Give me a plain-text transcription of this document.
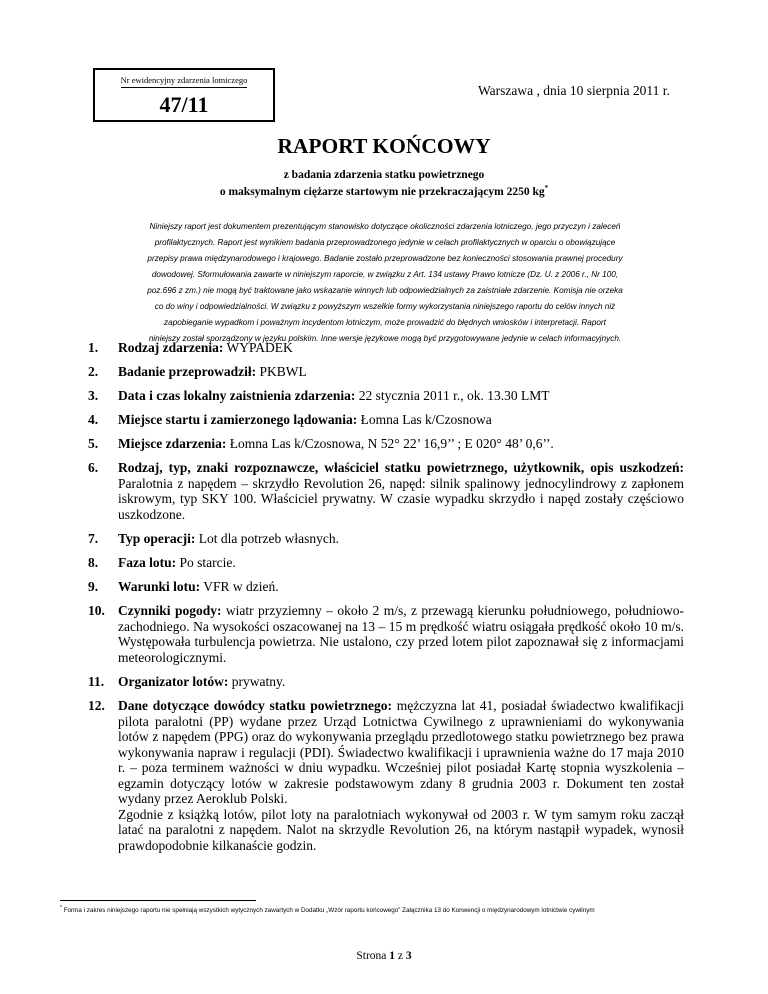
Nr ewidencyjny zdarzenia lotniczego
47/11
Warszawa , dnia 10 sierpnia 2011 r.
RAPORT KOŃCOWY
z badania zdarzenia statku powietrznego
o maksymalnym ciężarze startowym nie przekraczającym 2250 kg*
Niniejszy raport jest dokumentem prezentującym stanowisko dotyczące okoliczności zdarzenia lotniczego, jego przyczyn i zaleceń
profilaktycznych. Raport jest wynikiem badania przeprowadzonego jedynie w celach profilaktycznych w oparciu o obowiązujące
przepisy prawa międzynarodowego i krajowego. Badanie zostało przeprowadzone bez konieczności stosowania prawnej procedury
dowodowej. Sformułowania zawarte w niniejszym raporcie, w związku z Art. 134 ustawy Prawo lotnicze (Dz. U. z 2006 r., Nr 100,
poz.696 z zm.) nie mogą być traktowane jako wskazanie winnych lub odpowiedzialnych za zaistniałe zdarzenie. Komisja nie orzeka
co do winy i odpowiedzialności. W związku z powyższym wszelkie formy wykorzystania niniejszego raportu do celów innych niż
zapobieganie wypadkom i poważnym incydentom lotniczym, może prowadzić do błędnych wniosków i interpretacji. Raport
niniejszy został sporządzony w języku polskim. Inne wersje językowe mogą być przygotowywane jedynie w celach informacyjnych.
1. Rodzaj zdarzenia: WYPADEK
2. Badanie przeprowadził: PKBWL
3. Data i czas lokalny zaistnienia zdarzenia: 22 stycznia 2011 r., ok. 13.30 LMT
4. Miejsce startu i zamierzonego lądowania: Łomna Las k/Czosnowa
5. Miejsce zdarzenia: Łomna Las k/Czosnowa, N 52° 22’ 16,9’’ ; E 020° 48’ 0,6’’.
6. Rodzaj, typ, znaki rozpoznawcze, właściciel statku powietrznego, użytkownik, opis uszkodzeń: Paralotnia z napędem – skrzydło Revolution 26, napęd: silnik spalinowy jednocylindrowy z zapłonem iskrowym, typ SKY 100. Właściciel prywatny. W czasie wypadku skrzydło i napęd zostały częściowo uszkodzone.
7. Typ operacji: Lot dla potrzeb własnych.
8. Faza lotu: Po starcie.
9. Warunki lotu: VFR w dzień.
10. Czynniki pogody: wiatr przyziemny – około 2 m/s, z przewagą kierunku południowego, południowo-zachodniego. Na wysokości oszacowanej na 13 – 15 m prędkość wiatru osiągała prędkość około 10 m/s. Występowała turbulencja powietrza. Nie ustalono, czy przed lotem pilot zapoznawał się z informacjami meteorologicznymi.
11. Organizator lotów: prywatny.
12. Dane dotyczące dowódcy statku powietrznego: mężczyzna lat 41, posiadał świadectwo kwalifikacji pilota paralotni (PP) wydane przez Urząd Lotnictwa Cywilnego z uprawnieniami do wykonywania lotów z napędem (PPG) oraz do wykonywania przeglądu przedlotowego statku powietrznego bez prawa wykonywania napraw i regulacji (PDI). Świadectwo kwalifikacji i uprawnienia ważne do 17 maja 2010 r. – poza terminem ważności w dniu wypadku. Wcześniej pilot posiadał Kartę stopnia wyszkolenia – egzamin dotyczący lotów w zakresie podstawowym zdany 8 grudnia 2003 r. Dokument ten został wydany przez Aeroklub Polski.
Zgodnie z książką lotów, pilot loty na paralotniach wykonywał od 2003 r. W tym samym roku zaczął latać na paralotni z napędem. Nalot na skrzydle Revolution 26, na którym nastąpił wypadek, wynosił prawdopodobnie kilkanaście godzin.
* Forma i zakres niniejszego raportu nie spełniają wszystkich wytycznych zawartych w Dodatku „Wzór raportu końcowego” Załącznika 13 do Konwencji o międzynarodowym lotnictwie cywilnym
Strona 1 z 3
